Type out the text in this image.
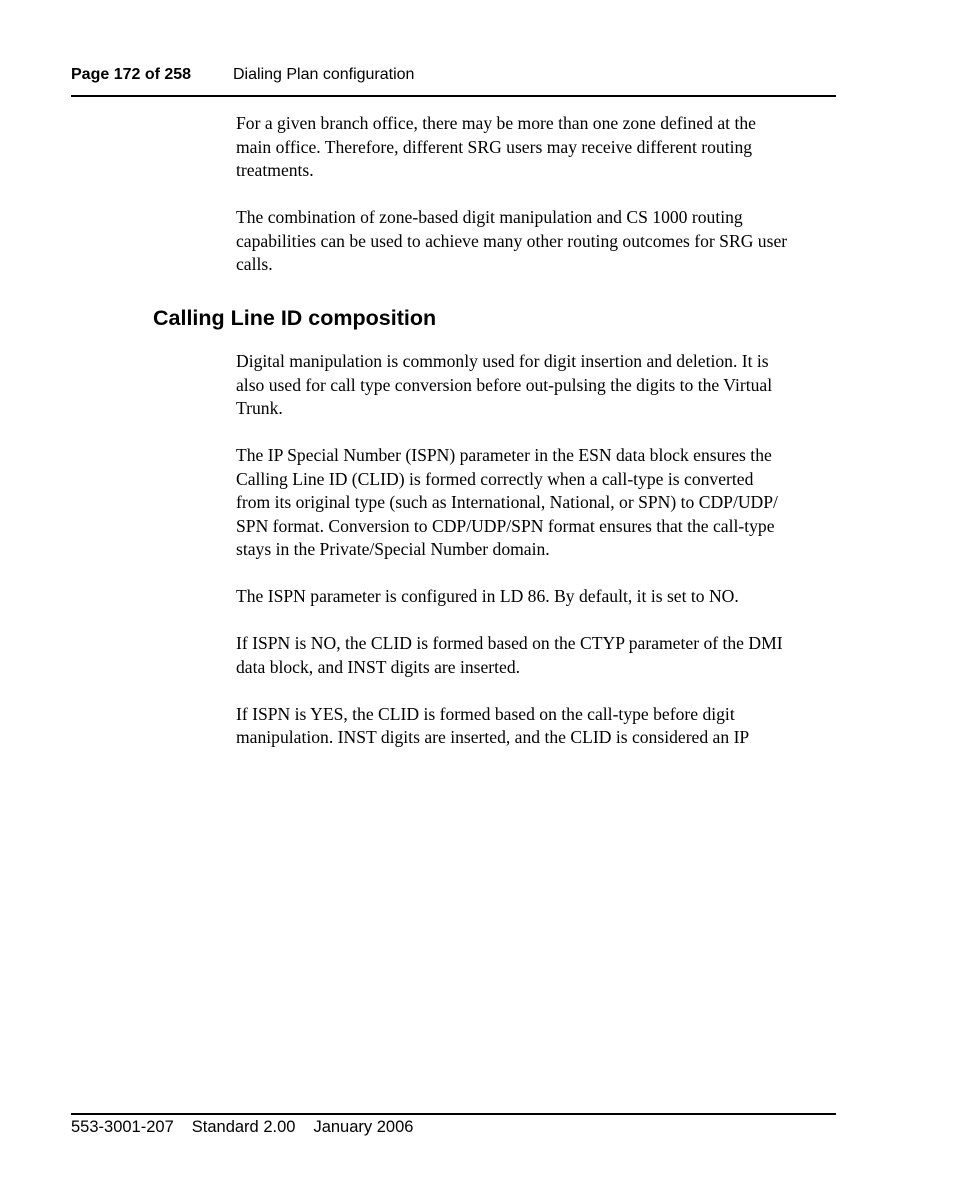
Page 172 of 258	Dialing Plan configuration

For a given branch office, there may be more than one zone defined at the

main office. Therefore, different SRG users may receive different routing

treatments.

The combination of zone-based digit manipulation and CS 1000 routing

capabilities can be used to achieve many other routing outcomes for SRG user

calls.

Calling Line ID composition

Digital manipulation is commonly used for digit insertion and deletion. It is

also used for call type conversion before out-pulsing the digits to the Virtual

Trunk.

The IP Special Number (ISPN) parameter in the ESN data block ensures the

Calling Line ID (CLID) is formed correctly when a call-type is converted

from its original type (such as International, National, or SPN) to CDP/UDP/

SPN format. Conversion to CDP/UDP/SPN format ensures that the call-type

stays in the Private/Special Number domain.

The ISPN parameter is configured in LD 86. By default, it is set to NO.

If ISPN is NO, the CLID is formed based on the CTYP parameter of the DMI

data block, and INST digits are inserted.

If ISPN is YES, the CLID is formed based on the call-type before digit

manipulation. INST digits are inserted, and the CLID is considered an IP

553-3001-207 Standard 2.00 January 2006
